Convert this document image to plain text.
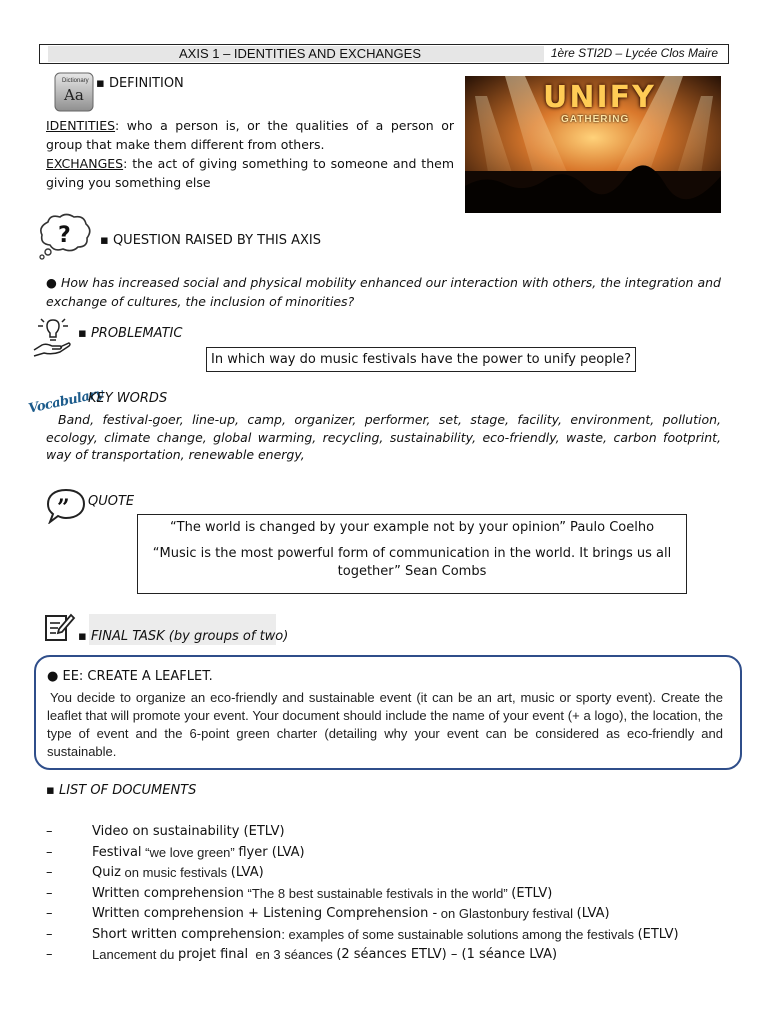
AXIS 1 – IDENTITIES AND EXCHANGES	1ère STI2D – Lycée Clos Maire
Dictionary
Aa
▪ DEFINITION
IDENTITIES: who a person is, or the qualities of a person or group that make them different from others.
EXCHANGES: the act of giving something to someone and them giving you something else
UNIFY
GATHERING
? ▪ QUESTION RAISED BY THIS AXIS
● How has increased social and physical mobility enhanced our interaction with others, the integration and exchange of cultures, the inclusion of minorities?
▪ PROBLEMATIC
In which way do music festivals have the power to unify people?
Vocabulary
KEY WORDS
Band, festival-goer, line-up, camp, organizer, performer, set, stage, facility, environment, pollution, ecology, climate change, global warming, recycling, sustainability, eco-friendly, waste, carbon footprint, way of transportation, renewable energy,
” QUOTE
“The world is changed by your example not by your opinion” Paulo Coelho
“Music is the most powerful form of communication in the world. It brings us all together” Sean Combs
▪ FINAL TASK (by groups of two)
● EE: CREATE A LEAFLET.
You decide to organize an eco-friendly and sustainable event (it can be an art, music or sporty event). Create the leaflet that will promote your event. Your document should include the name of your event (+ a logo), the location, the type of event and the 6-point green charter (detailing why your event can be considered as eco-friendly and sustainable.
▪ LIST OF DOCUMENTS
–	Video on sustainability (ETLV)
–	Festival “we love green” flyer (LVA)
–	Quiz on music festivals (LVA)
–	Written comprehension “The 8 best sustainable festivals in the world” (ETLV)
–	Written comprehension + Listening Comprehension - on Glastonbury festival (LVA)
–	Short written comprehension : examples of some sustainable solutions among the festivals (ETLV)
–	Lancement du projet final en 3 séances (2 séances ETLV) – (1 séance LVA)
